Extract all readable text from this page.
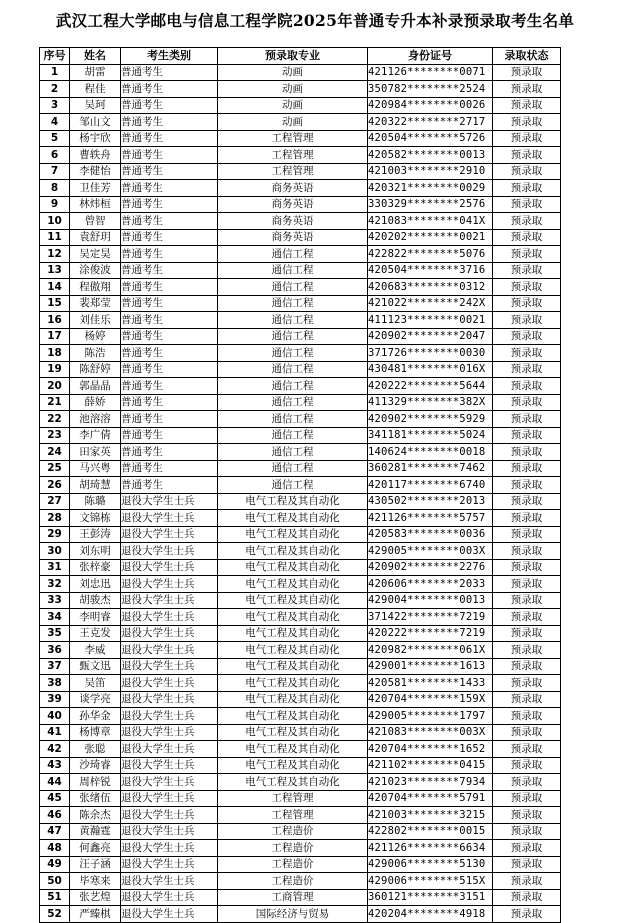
武汉工程大学邮电与信息工程学院2025年普通专升本补录预录取考生名单
序号	姓名	考生类别	预录取专业	身份证号	录取状态
1	胡雷	普通考生	动画	421126********0071	预录取
2	程佳	普通考生	动画	350782********2524	预录取
3	吴珂	普通考生	动画	420984********0026	预录取
4	邹山文	普通考生	动画	420322********2717	预录取
5	杨宇欣	普通考生	工程管理	420504********5726	预录取
6	曹轶舟	普通考生	工程管理	420582********0013	预录取
7	李健怡	普通考生	工程管理	421003********2910	预录取
8	卫佳芳	普通考生	商务英语	420321********0029	预录取
9	林炜桓	普通考生	商务英语	330329********2576	预录取
10	曾智	普通考生	商务英语	421083********041X	预录取
11	袁舒玥	普通考生	商务英语	420202********0021	预录取
12	吴定昊	普通考生	通信工程	422822********5076	预录取
13	涂俊波	普通考生	通信工程	420504********3716	预录取
14	程傲翔	普通考生	通信工程	420683********0312	预录取
15	裴郑莹	普通考生	通信工程	421022********242X	预录取
16	刘佳乐	普通考生	通信工程	411123********0021	预录取
17	杨婷	普通考生	通信工程	420902********2047	预录取
18	陈浩	普通考生	通信工程	371726********0030	预录取
19	陈舒婷	普通考生	通信工程	430481********016X	预录取
20	郭晶晶	普通考生	通信工程	420222********5644	预录取
21	薛娇	普通考生	通信工程	411329********382X	预录取
22	池溶溶	普通考生	通信工程	420902********5929	预录取
23	李广倩	普通考生	通信工程	341181********5024	预录取
24	田家英	普通考生	通信工程	140624********0018	预录取
25	马兴粤	普通考生	通信工程	360281********7462	预录取
26	胡琦慧	普通考生	通信工程	420117********6740	预录取
27	陈璐	退役大学生士兵	电气工程及其自动化	430502********2013	预录取
28	文锦栋	退役大学生士兵	电气工程及其自动化	421126********5757	预录取
29	王彭涛	退役大学生士兵	电气工程及其自动化	420583********0036	预录取
30	刘东明	退役大学生士兵	电气工程及其自动化	429005********003X	预录取
31	张梓豪	退役大学生士兵	电气工程及其自动化	420902********2276	预录取
32	刘忠迅	退役大学生士兵	电气工程及其自动化	420606********2033	预录取
33	胡骏杰	退役大学生士兵	电气工程及其自动化	429004********0013	预录取
34	李明睿	退役大学生士兵	电气工程及其自动化	371422********7219	预录取
35	王克发	退役大学生士兵	电气工程及其自动化	420222********7219	预录取
36	李威	退役大学生士兵	电气工程及其自动化	420982********061X	预录取
37	甄文迅	退役大学生士兵	电气工程及其自动化	429001********1613	预录取
38	吴笛	退役大学生士兵	电气工程及其自动化	420581********1433	预录取
39	谈学亮	退役大学生士兵	电气工程及其自动化	420704********159X	预录取
40	孙华金	退役大学生士兵	电气工程及其自动化	429005********1797	预录取
41	杨博章	退役大学生士兵	电气工程及其自动化	421083********003X	预录取
42	张聪	退役大学生士兵	电气工程及其自动化	420704********1652	预录取
43	沙琦睿	退役大学生士兵	电气工程及其自动化	421102********0415	预录取
44	周梓锐	退役大学生士兵	电气工程及其自动化	421023********7934	预录取
45	张绪伍	退役大学生士兵	工程管理	420704********5791	预录取
46	陈余杰	退役大学生士兵	工程管理	421003********3215	预录取
47	黄瀚霆	退役大学生士兵	工程造价	422802********0015	预录取
48	何鑫亮	退役大学生士兵	工程造价	421126********6634	预录取
49	汪子涵	退役大学生士兵	工程造价	429006********5130	预录取
50	毕寒来	退役大学生士兵	工程造价	429006********515X	预录取
51	张艺煌	退役大学生士兵	工商管理	360121********3151	预录取
52	严臻棋	退役大学生士兵	国际经济与贸易	420204********4918	预录取
